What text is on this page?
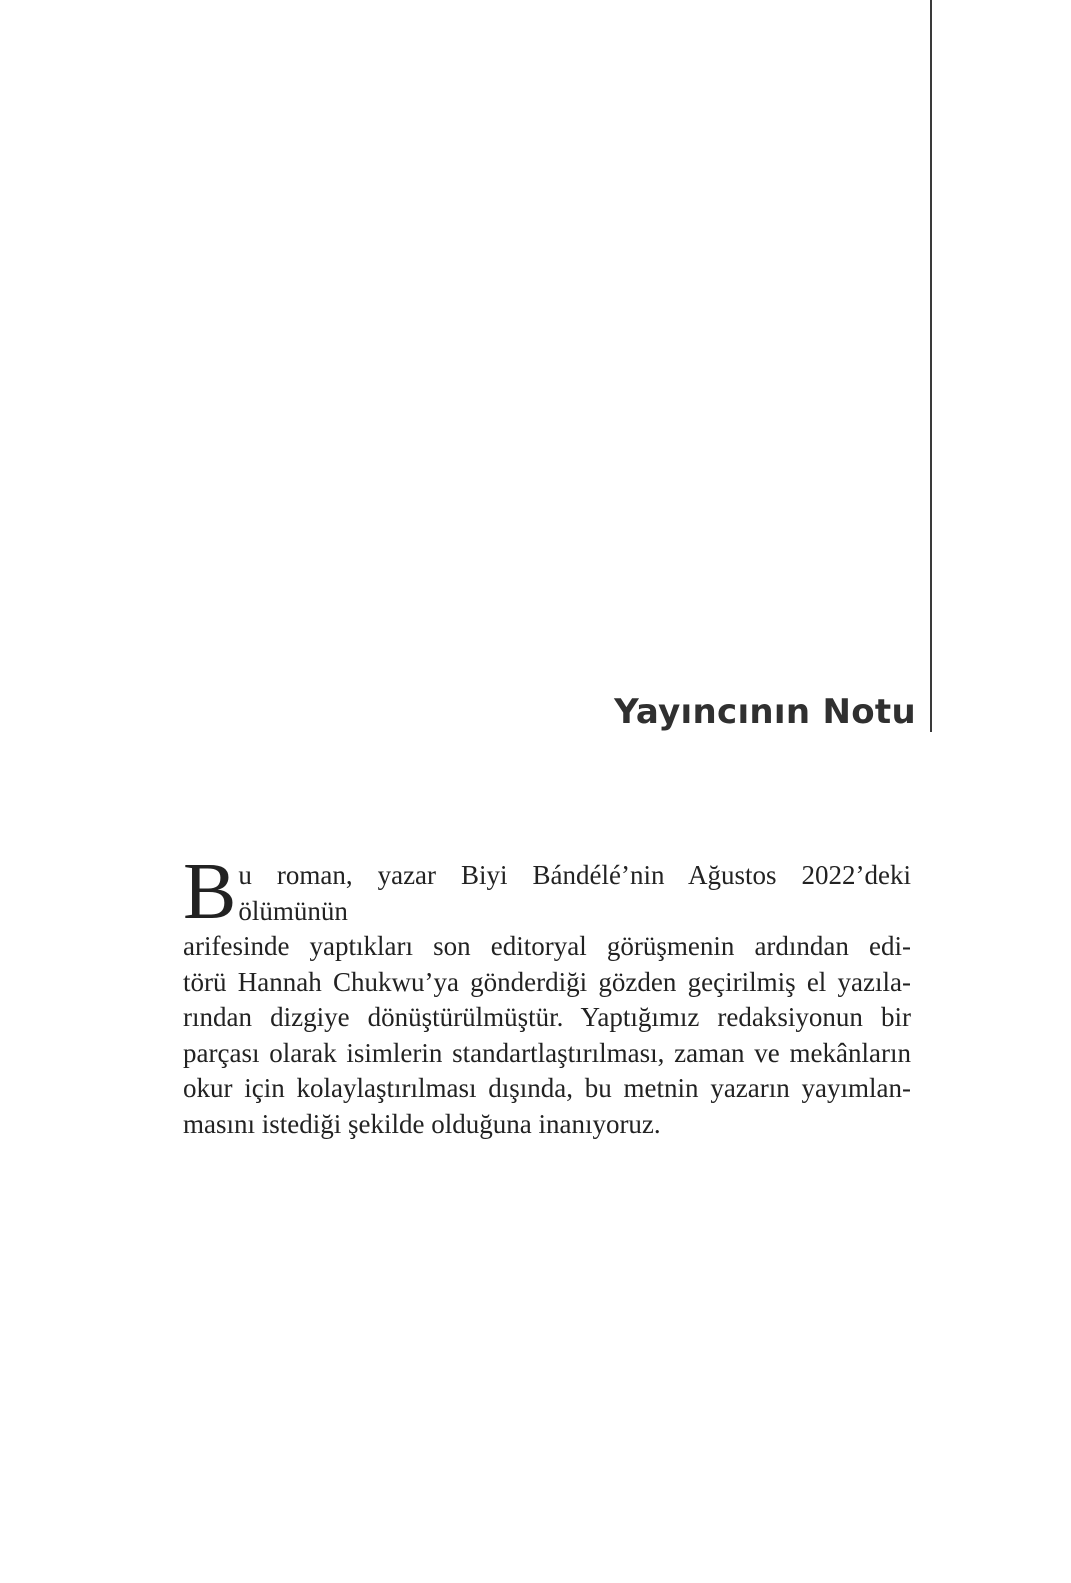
Yayıncının Notu
B u roman, yazar Biyi Bándélé’nin Ağustos 2022’deki ölümünün
arifesinde yaptıkları son editoryal görüşmenin ardından edi-
törü Hannah Chukwu’ya gönderdiği gözden geçirilmiş el yazıla-
rından dizgiye dönüştürülmüştür. Yaptığımız redaksiyonun bir
parçası olarak isimlerin standartlaştırılması, zaman ve mekânların
okur için kolaylaştırılması dışında, bu metnin yazarın yayımlan-
masını istediği şekilde olduğuna inanıyoruz.
